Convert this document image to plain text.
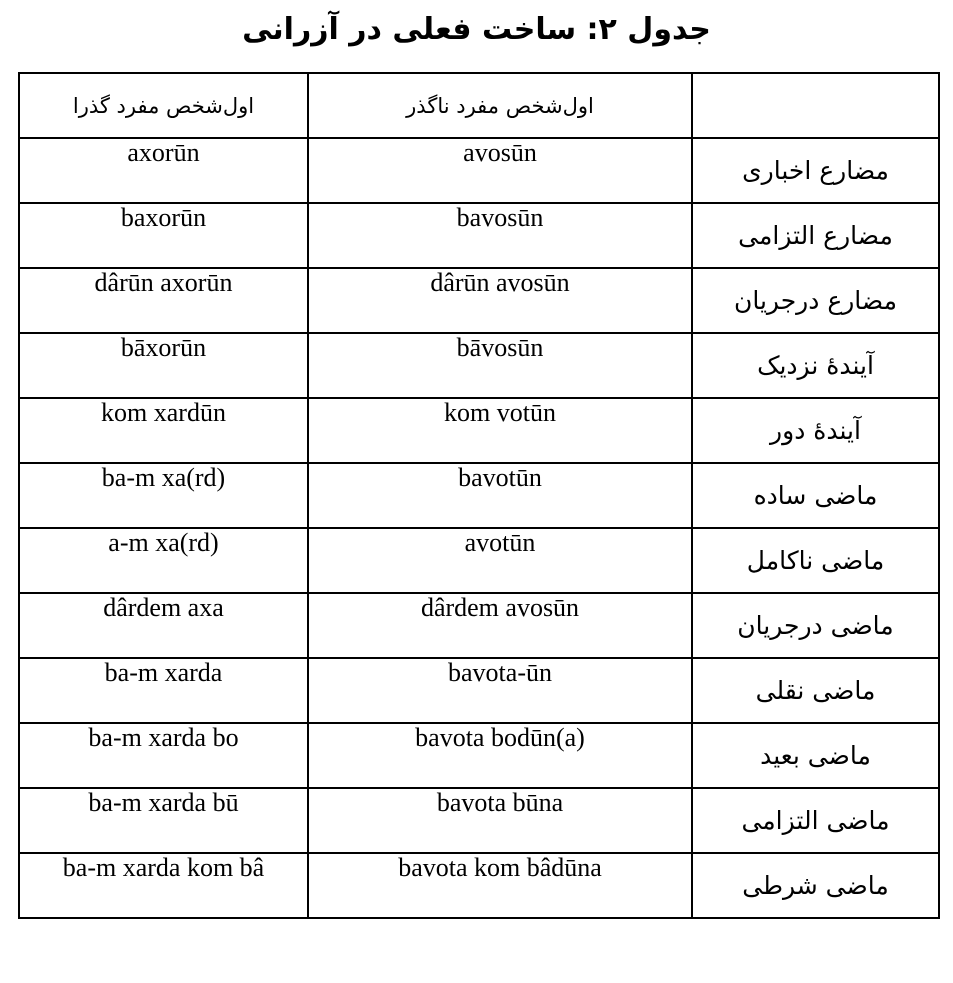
جدول ۲: ساخت فعلی در آزرانی
اول‌شخص مفرد گذرا	اول‌شخص مفرد ناگذر	
axorūn	avosūn	مضارع اخباری
baxorūn	bavosūn	مضارع التزامی
dârūn axorūn	dârūn avosūn	مضارع درجریان
bāxorūn	bāvosūn	آیندۀ نزدیک
kom xardūn	kom votūn	آیندۀ دور
ba-m xa(rd)	bavotūn	ماضی ساده
a-m xa(rd)	avotūn	ماضی ناکامل
dârdem axa	dârdem avosūn	ماضی درجریان
ba-m xarda	bavota-ūn	ماضی نقلی
ba-m xarda bo	bavota bodūn(a)	ماضی بعید
ba-m xarda bū	bavota būna	ماضی التزامی
ba-m xarda kom bâ	bavota kom bâdūna	ماضی شرطی
